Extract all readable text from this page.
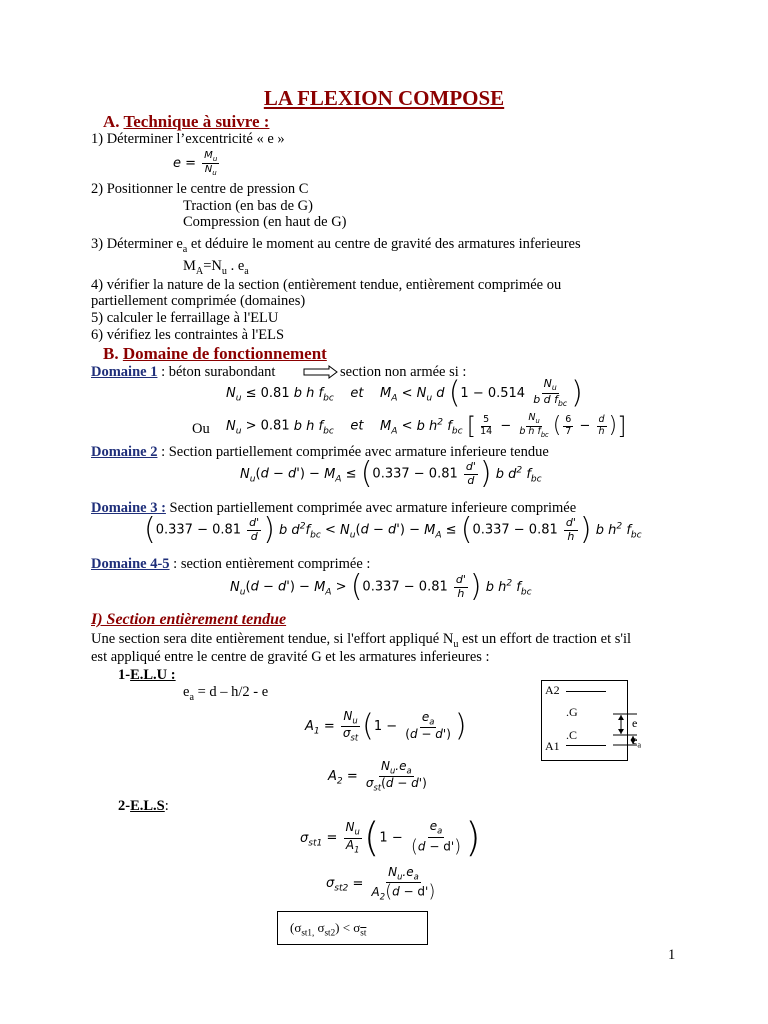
LA FLEXION COMPOSE
A. Technique à suivre :
1) Déterminer l’excentricité « e »
$e = \frac{M_u}{N_u}$
2) Positionner le centre de pression C
Traction (en bas de G)
Compression (en haut de G)
3) Déterminer $e_a$ et déduire le moment au centre de gravité des armatures inferieures
$M_A=N_u$ . $e_a$
4) vérifier la nature de la section (entièrement tendue, entièrement comprimée ou
partiellement comprimée (domaines)
5) calculer le ferraillage à l'ELU
6) vérifiez les contraintes à l'ELS
B. Domaine de fonctionnement
Domaine 1 : béton surabondant	section non armée si :
$N_u \le 0.81$ b h $f_{bc}$ et $M_A < N_u$ d ($1 - 0.514 \frac{N_u}{b d f_{bc}}$ )
Ou $N_u > 0.81$ b h $f_{bc}$ et $M_A < b$ $h^2$ $f_{bc}$ [ $\frac{5}{14} - \frac{N_u}{b h f_{bc}}$ ( $\frac{6}{7} - \frac{d}{h}$ )]
Domaine 2 : Section partiellement comprimée avec armature inferieure tendue
$N_u(d - d') - M_A \le (0.337 - 0.81 \frac{d'}{d}$ ) b $d^2$ $f_{bc}$
Domaine 3 : Section partiellement comprimée avec armature inferieure comprimée
($0.337 - 0.81 \frac{d'}{d}$ ) b $d^2f_{bc} < N_u(d - d') - M_A \le (0.337 - 0.81 \frac{d'}{h}$ ) b $h^2$ $f_{bc}$
Domaine 4-5 : section entièrement comprimée :
$N_u(d - d') - M_A > (0.337 - 0.81 \frac{d'}{h}$ ) b $h^2$ $f_{bc}$
I) Section entièrement tendue
Une section sera dite entièrement tendue, si l'effort appliqué $N_u$ est un effort de traction et s'il
est appliqué entre le centre de gravité G et les armatures inferieures :
1-E.L.U :
$e_a = d - h/2 - e$
$A_1 = \frac{N_u}{\sigma_{st}} (1 - \frac{e_a}{(d - d')}$ )
$A_2 = \frac{N_u.e_a}{\sigma_{st}(d - d')}$
2-E.L.S:
$\sigma_{st1} = \frac{N_u}{A_1} (1 - \frac{e_a}{(d - d')}$ )
$\sigma_{st2} = \frac{N_u.e_a}{A_2(d - d')}$
($\sigma_{st1,}$ $\sigma_{st2}) < \sigma_{\overline{st}}$
A2
.G
.C
A1
e
$e_a$
1
